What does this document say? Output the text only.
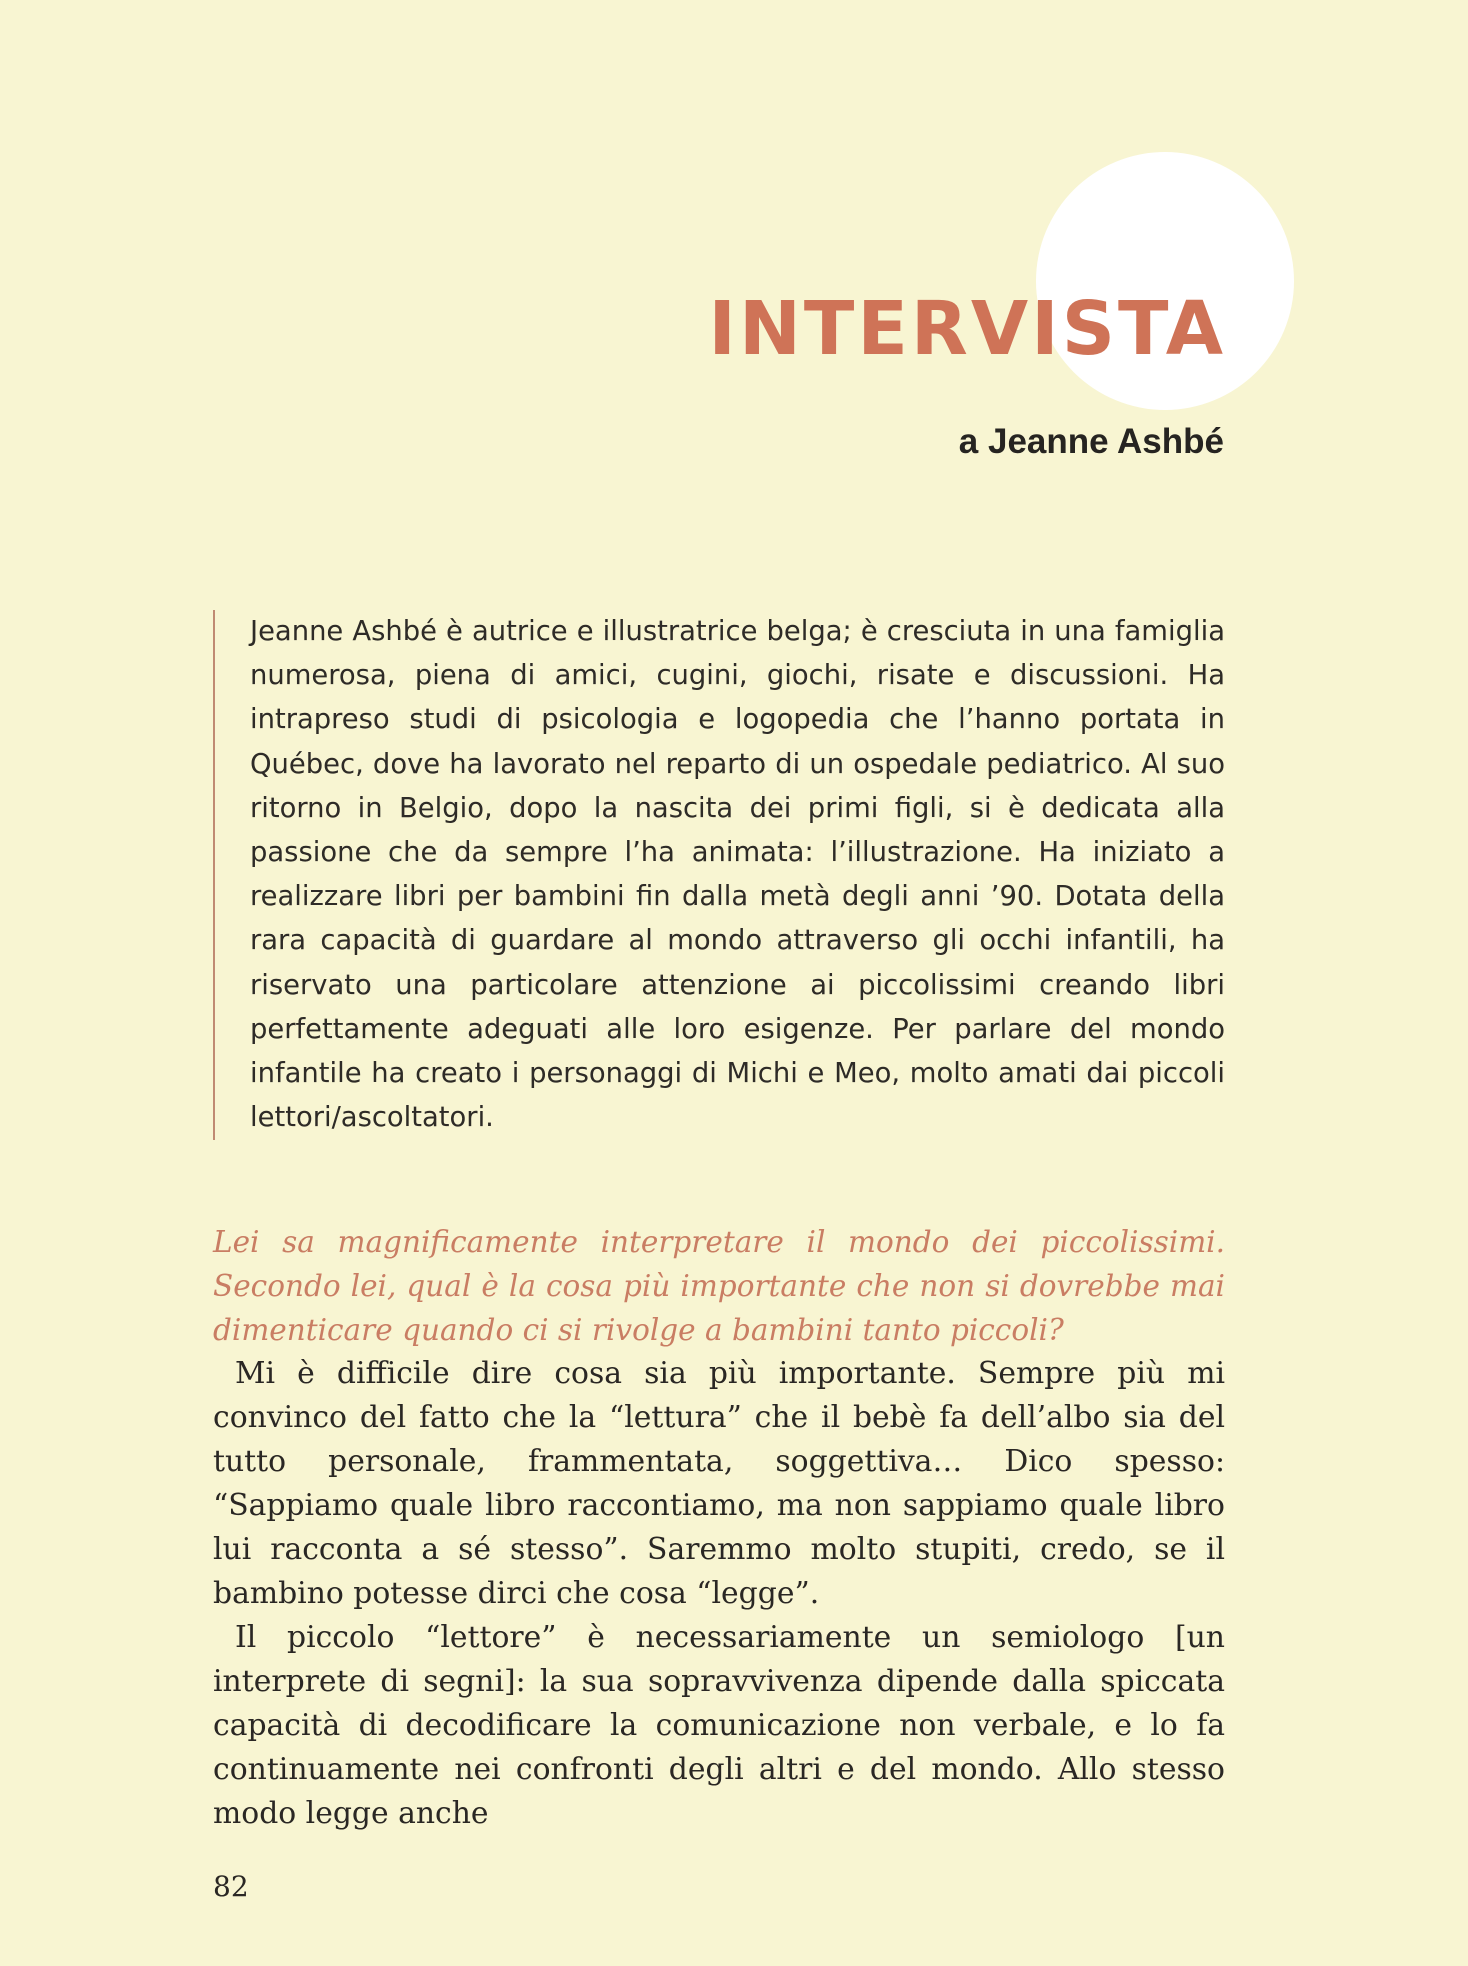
INTERVISTA
a Jeanne Ashbé

Jeanne Ashbé è autrice e illustratrice belga; è cresciuta in una famiglia numerosa, piena di amici, cugini, giochi, risate e discussioni. Ha intrapreso studi di psicologia e logopedia che l’hanno portata in Québec, dove ha lavorato nel reparto di un ospedale pediatrico. Al suo ritorno in Belgio, dopo la nascita dei primi figli, si è dedicata alla passione che da sempre l’ha animata: l’illustrazione. Ha iniziato a realizzare libri per bambini fin dalla metà degli anni ’90. Dotata della rara capacità di guardare al mondo attraverso gli occhi infantili, ha riservato una particolare attenzione ai piccolissimi creando libri perfettamente adeguati alle loro esigenze. Per parlare del mondo infantile ha creato i personaggi di Michi e Meo, molto amati dai piccoli lettori/ascoltatori.

Lei sa magnificamente interpretare il mondo dei piccolissimi. Secondo lei, qual è la cosa più importante che non si dovrebbe mai dimenticare quando ci si rivolge a bambini tanto piccoli?

Mi è difficile dire cosa sia più importante. Sempre più mi convinco del fatto che la “lettura” che il bebè fa dell’albo sia del tutto personale, frammentata, soggettiva… Dico spesso: “Sappiamo quale libro raccontiamo, ma non sappiamo quale libro lui racconta a sé stesso”. Saremmo molto stupiti, credo, se il bambino potesse dirci che cosa “legge”.

Il piccolo “lettore” è necessariamente un semiologo [un interprete di segni]: la sua sopravvivenza dipende dalla spiccata capacità di decodificare la comunicazione non verbale, e lo fa continuamente nei confronti degli altri e del mondo. Allo stesso modo legge anche

82
